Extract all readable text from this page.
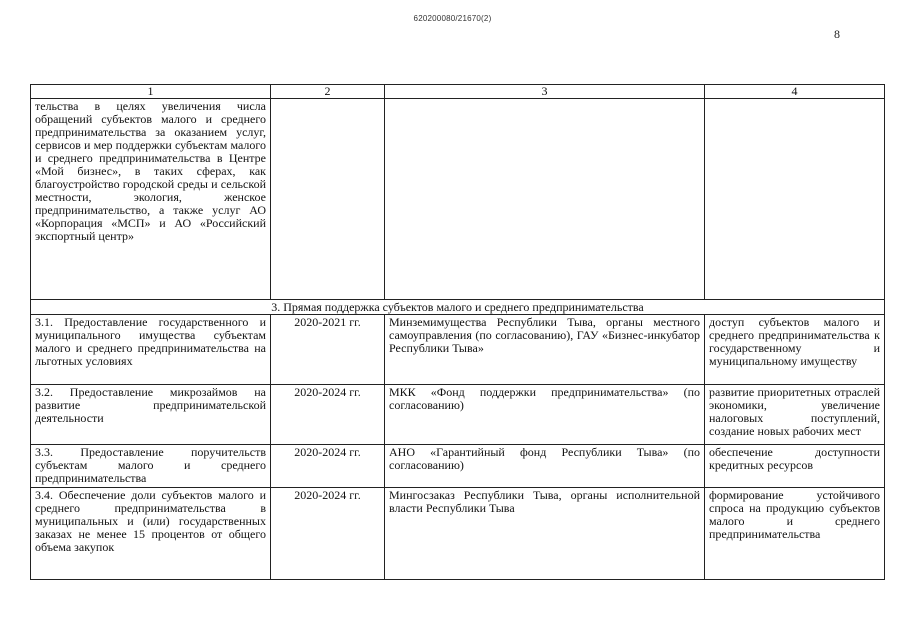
620200080/21670(2)
8
1	2	3	4
тельства в целях увеличения числа обращений субъектов малого и среднего предпринимательства за оказанием услуг, сервисов и мер поддержки субъектам малого и среднего предпринимательства в Центре «Мой бизнес», в таких сферах, как благоустройство городской среды и сельской местности, экология, женское предпринимательство, а также услуг АО «Корпорация «МСП» и АО «Российский экспортный центр»			
3. Прямая поддержка субъектов малого и среднего предпринимательства			
3.1. Предоставление государственного и муниципального имущества субъектам малого и среднего предпринимательства на льготных условиях	2020-2021 гг.	Минземимущества Республики Тыва, органы местного самоуправления (по согласованию), ГАУ «Бизнес-инкубатор Республики Тыва»	доступ субъектов малого и среднего предпринимательства к государственному и муниципальному имуществу
3.2. Предоставление микрозаймов на развитие предпринимательской деятельности	2020-2024 гг.	МКК «Фонд поддержки предпринимательства» (по согласованию)	развитие приоритетных отраслей экономики, увеличение налоговых поступлений, создание новых рабочих мест
3.3. Предоставление поручительств субъектам малого и среднего предпринимательства	2020-2024 гг.	АНО «Гарантийный фонд Республики Тыва» (по согласованию)	обеспечение доступности кредитных ресурсов
3.4. Обеспечение доли субъектов малого и среднего предпринимательства в муниципальных и (или) государственных заказах не менее 15 процентов от общего объема закупок	2020-2024 гг.	Мингосзаказ Республики Тыва, органы исполнительной власти Республики Тыва	формирование устойчивого спроса на продукцию субъектов малого и среднего предпринимательства
